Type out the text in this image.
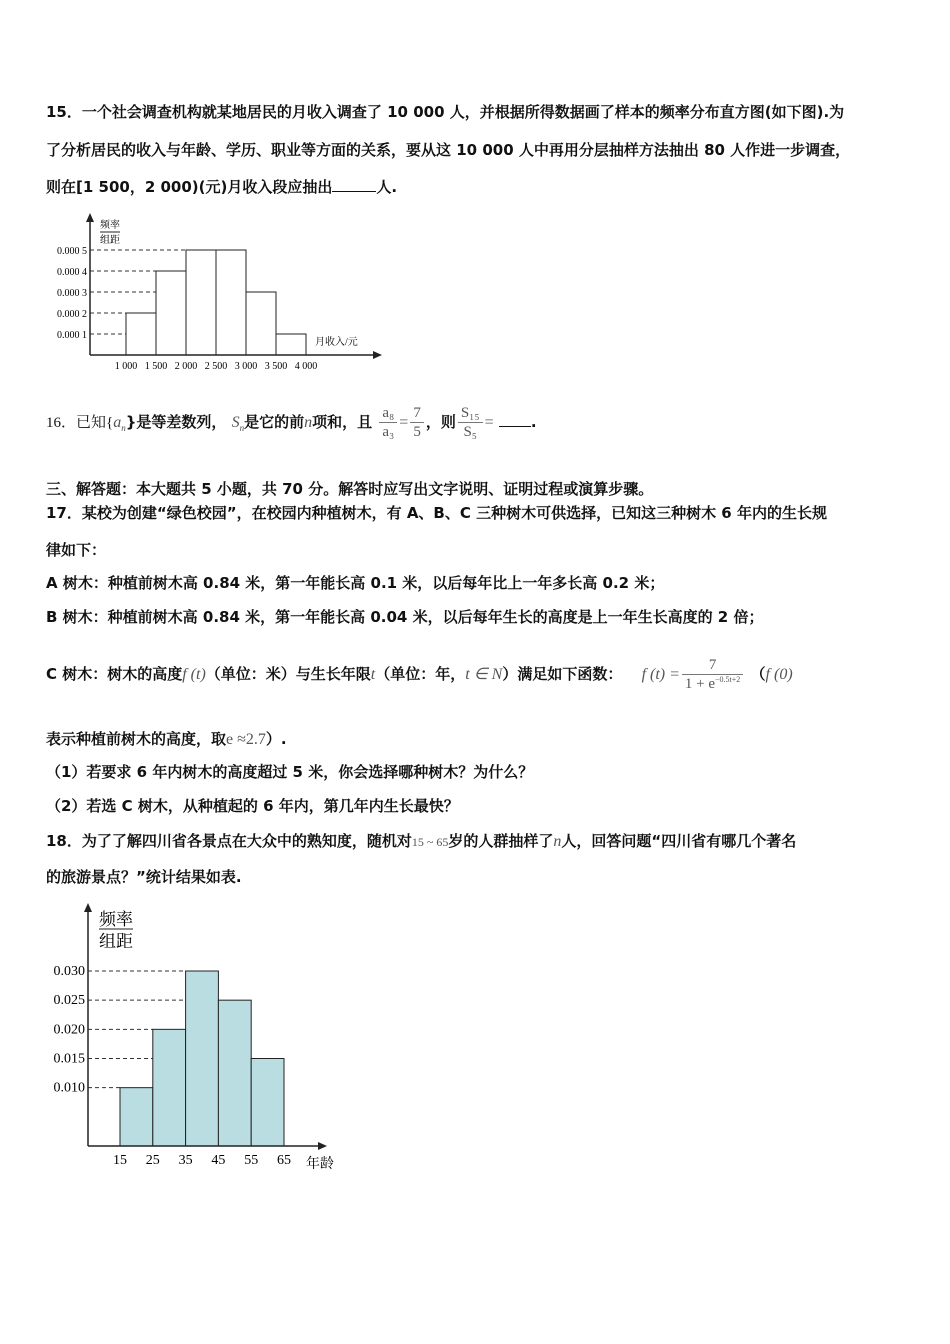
15．一个社会调查机构就某地居民的月收入调查了 10 000 人，并根据所得数据画了样本的频率分布直方图(如下图).为
了分析居民的收入与年龄、学历、职业等方面的关系，要从这 10 000 人中再用分层抽样方法抽出 80 人作进一步调查，
则在[1 500，2 000)(元)月收入段应抽出	人.
0.000 1
0.000 2
0.000 3
0.000 4
0.000 5
1 000 1 500 2 000 2 500 3 000 3 500 4 000
频率
组距
月收入/元
16．已知$\{a_n\}$是等差数列， $S_n$是它的前n项和，且 $\frac{\text{a₈}}{\text{a₃}} = \frac{7}{5}$ ，则 $\frac{\text{S₁₅}}{\text{S₅}}$ = .
三、解答题：本大题共 5 小题，共 70 分。解答时应写出文字说明、证明过程或演算步骤。
17．某校为创建“绿色校园”，在校园内种植树木，有 A、B、C 三种树木可供选择，已知这三种树木 6 年内的生长规
律如下：
A 树木：种植前树木高 0.84 米，第一年能长高 0.1 米，以后每年比上一年多长高 0.2 米；
B 树木：种植前树木高 0.84 米，第一年能长高 0.04 米，以后每年生长的高度是上一年生长高度的 2 倍；
C 树木：树木的高度f (t)（单位：米）与生长年限t（单位：年，t ∈ N）满足如下函数： f $(t) = \frac{7}{1 + e^{-0.5t+2}} (f$ (0)
表示种植前树木的高度，取e ≈2.7）.
（1）若要求 6 年内树木的高度超过 5 米，你会选择哪种树木？为什么？
（2）若选 C 树木，从种植起的 6 年内，第几年内生长最快？
18．为了了解四川省各景点在大众中的熟知度，随机对15 ~ 65岁的人群抽样了n人，回答问题“四川省有哪几个著名
的旅游景点？”统计结果如表.
0.010
0.015
0.020
0.025
0.030
15 25 35 45 55 65
频率
组距
年龄
